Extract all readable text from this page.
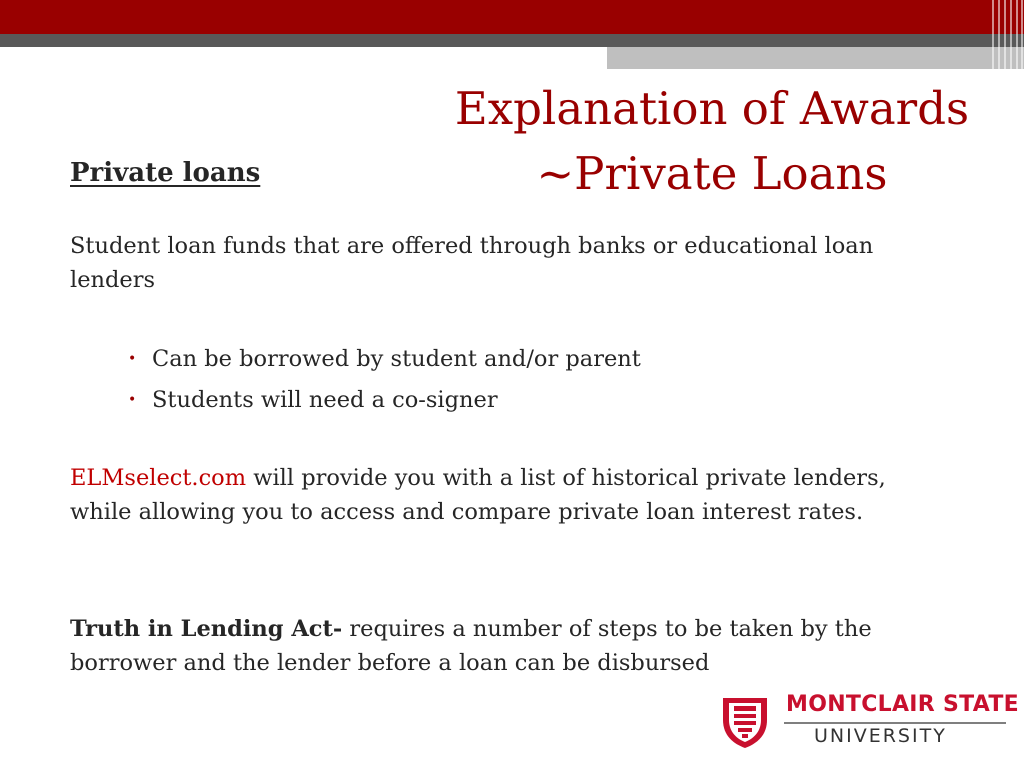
Explanation of Awards
~Private Loans
Private loans
Student loan funds that are offered through banks or educational loan lenders
• Can be borrowed by student and/or parent
• Students will need a co-signer
ELMselect.com will provide you with a list of historical private lenders, while allowing you to access and compare private loan interest rates.
Truth in Lending Act- requires a number of steps to be taken by the borrower and the lender before a loan can be disbursed
MONTCLAIR STATE
UNIVERSITY
